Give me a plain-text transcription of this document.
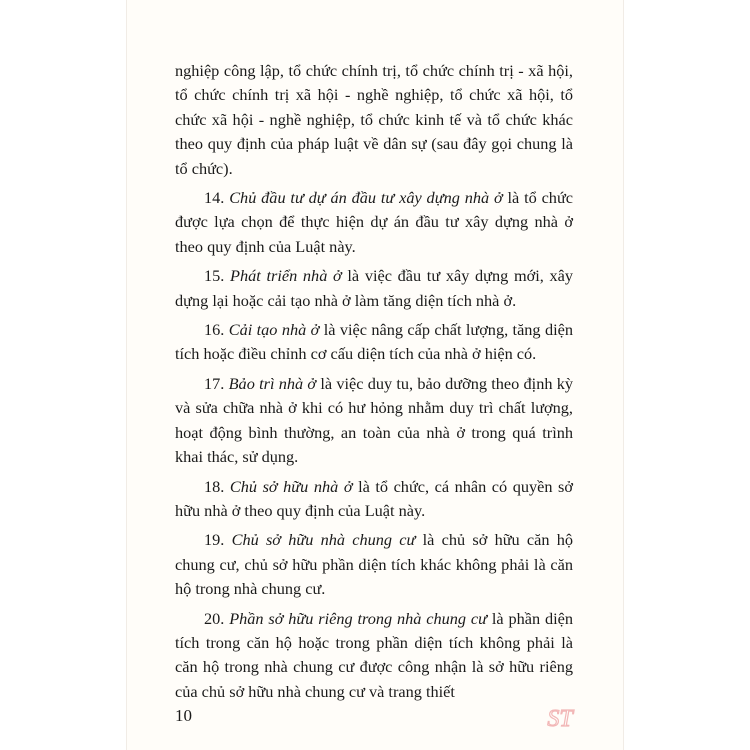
nghiệp công lập, tổ chức chính trị, tổ chức chính trị - xã hội, tổ chức chính trị xã hội - nghề nghiệp, tổ chức xã hội, tổ chức xã hội - nghề nghiệp, tổ chức kinh tế và tổ chức khác theo quy định của pháp luật về dân sự (sau đây gọi chung là tổ chức).

14. Chủ đầu tư dự án đầu tư xây dựng nhà ở là tổ chức được lựa chọn để thực hiện dự án đầu tư xây dựng nhà ở theo quy định của Luật này.

15. Phát triển nhà ở là việc đầu tư xây dựng mới, xây dựng lại hoặc cải tạo nhà ở làm tăng diện tích nhà ở.

16. Cải tạo nhà ở là việc nâng cấp chất lượng, tăng diện tích hoặc điều chỉnh cơ cấu diện tích của nhà ở hiện có.

17. Bảo trì nhà ở là việc duy tu, bảo dưỡng theo định kỳ và sửa chữa nhà ở khi có hư hỏng nhằm duy trì chất lượng, hoạt động bình thường, an toàn của nhà ở trong quá trình khai thác, sử dụng.

18. Chủ sở hữu nhà ở là tổ chức, cá nhân có quyền sở hữu nhà ở theo quy định của Luật này.

19. Chủ sở hữu nhà chung cư là chủ sở hữu căn hộ chung cư, chủ sở hữu phần diện tích khác không phải là căn hộ trong nhà chung cư.

20. Phần sở hữu riêng trong nhà chung cư là phần diện tích trong căn hộ hoặc trong phần diện tích không phải là căn hộ trong nhà chung cư được công nhận là sở hữu riêng của chủ sở hữu nhà chung cư và trang thiết

10	ST
